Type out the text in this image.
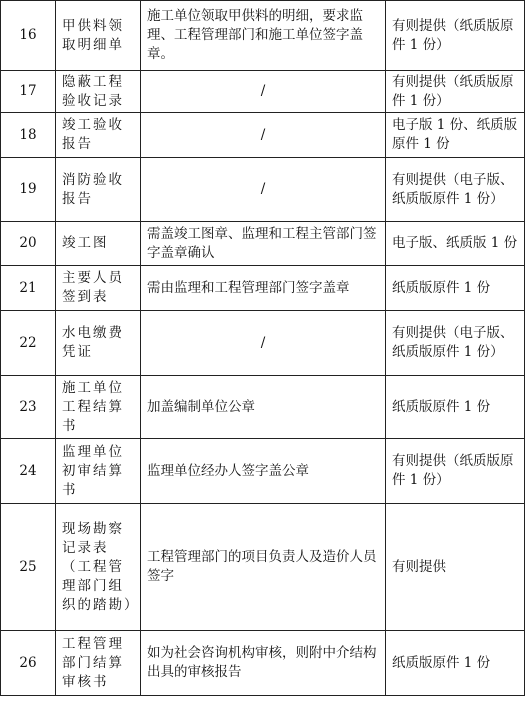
16	甲供料领取明细单	施工单位领取甲供料的明细，要求监理、工程管理部门和施工单位签字盖章。	有则提供（纸质版原件 1 份）
17	隐蔽工程验收记录	/	有则提供（纸质版原件 1 份）
18	竣工验收报告	/	电子版 1 份、纸质版原件 1 份
19	消防验收报告	/	有则提供（电子版、纸质版原件 1 份）
20	竣工图	需盖竣工图章、监理和工程主管部门签字盖章确认	电子版、纸质版 1 份
21	主要人员签到表	需由监理和工程管理部门签字盖章	纸质版原件 1 份
22	水电缴费凭证	/	有则提供（电子版、纸质版原件 1 份）
23	施工单位工程结算书	加盖编制单位公章	纸质版原件 1 份
24	监理单位初审结算书	监理单位经办人签字盖公章	有则提供（纸质版原件 1 份）
25	现场勘察记录表（工程管理部门组织的踏勘）	工程管理部门的项目负责人及造价人员签字	有则提供
26	工程管理部门结算审核书	如为社会咨询机构审核，则附中介结构出具的审核报告	纸质版原件 1 份
